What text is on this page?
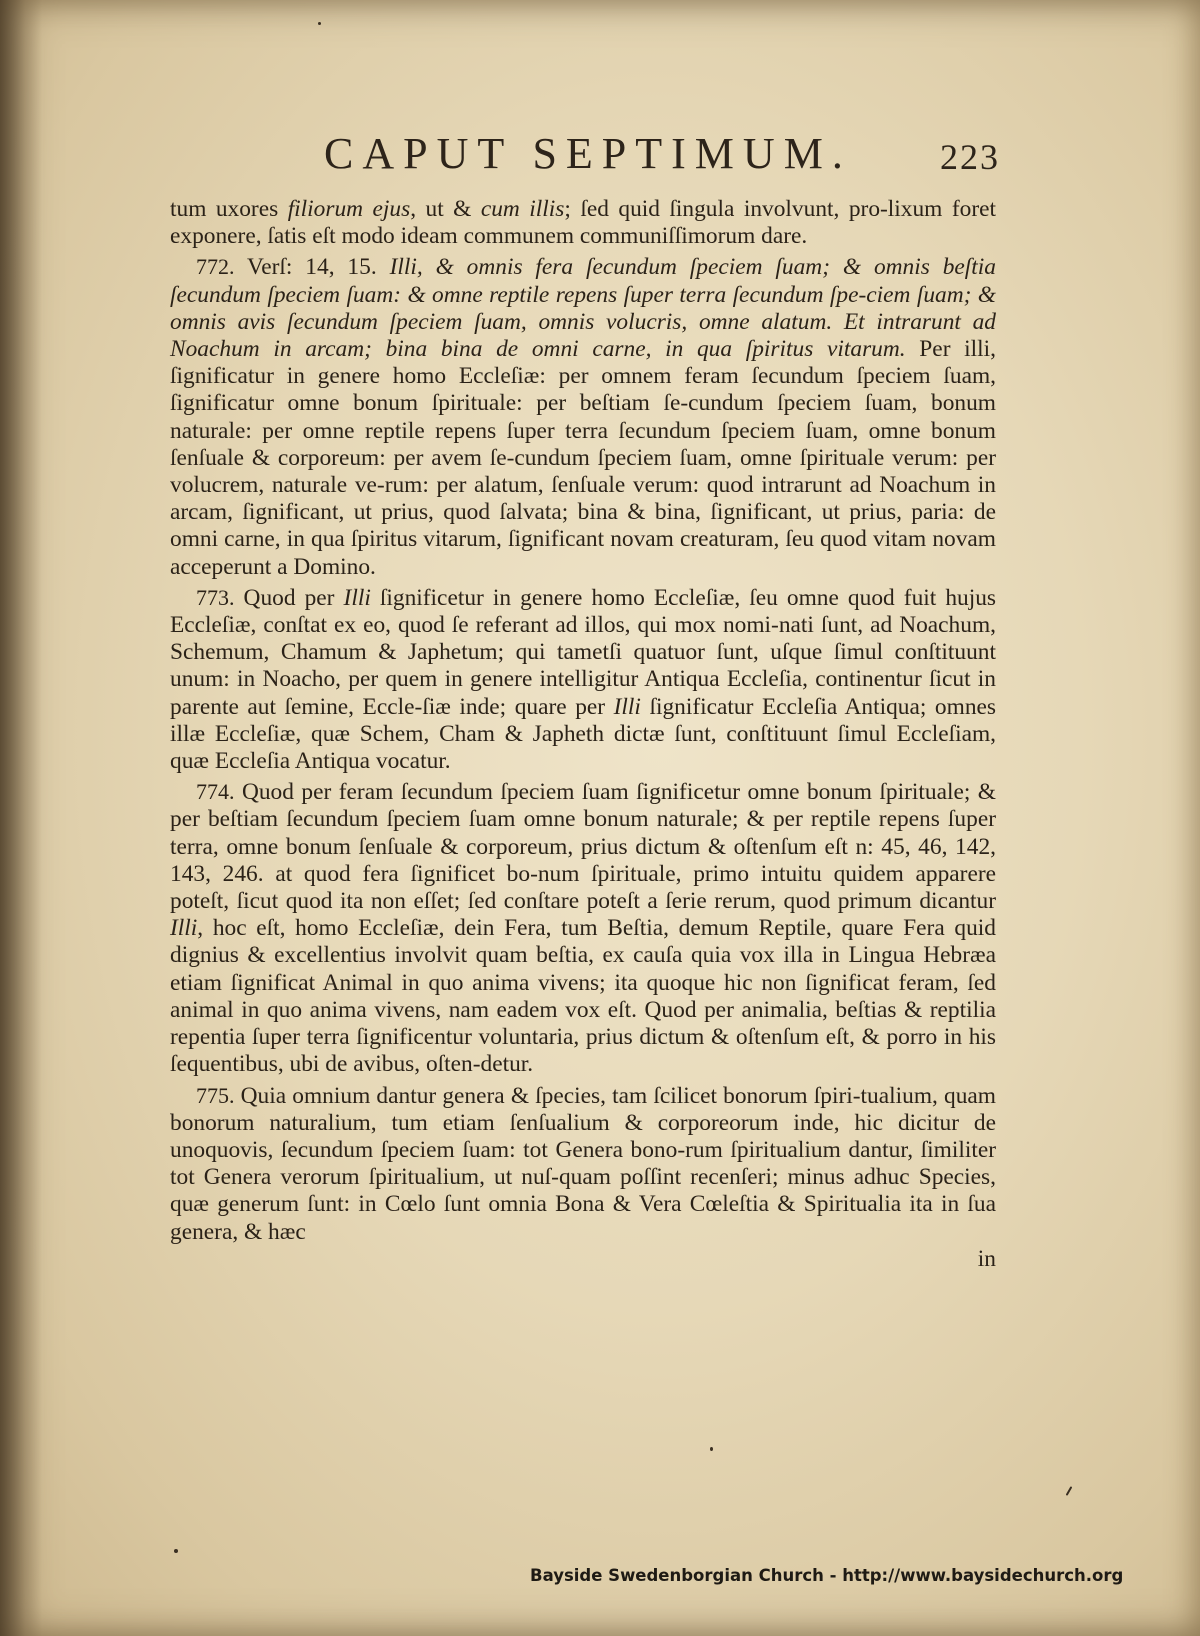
CAPUT SEPTIMUM. 223

tum uxores filiorum ejus, ut & cum illis; ſed quid ſingula involvunt, pro-lixum foret exponere, ſatis eſt modo ideam communem communiſſimorum dare.

772. Verſ: 14, 15. Illi, & omnis fera ſecundum ſpeciem ſuam; & omnis beſtia ſecundum ſpeciem ſuam: & omne reptile repens ſuper terra ſecundum ſpe-ciem ſuam; & omnis avis ſecundum ſpeciem ſuam, omnis volucris, omne alatum. Et intrarunt ad Noachum in arcam; bina bina de omni carne, in qua ſpiritus vitarum. Per illi, ſignificatur in genere homo Eccleſiæ: per omnem feram ſecundum ſpeciem ſuam, ſignificatur omne bonum ſpirituale: per beſtiam ſe-cundum ſpeciem ſuam, bonum naturale: per omne reptile repens ſuper terra ſecundum ſpeciem ſuam, omne bonum ſenſuale & corporeum: per avem ſe-cundum ſpeciem ſuam, omne ſpirituale verum: per volucrem, naturale ve-rum: per alatum, ſenſuale verum: quod intrarunt ad Noachum in arcam, ſignificant, ut prius, quod ſalvata; bina & bina, ſignificant, ut prius, paria: de omni carne, in qua ſpiritus vitarum, ſignificant novam creaturam, ſeu quod vitam novam acceperunt a Domino.

773. Quod per Illi ſignificetur in genere homo Eccleſiæ, ſeu omne quod fuit hujus Eccleſiæ, conſtat ex eo, quod ſe referant ad illos, qui mox nomi-nati ſunt, ad Noachum, Schemum, Chamum & Japhetum; qui tametſi quatuor ſunt, uſque ſimul conſtituunt unum: in Noacho, per quem in genere intelligitur Antiqua Eccleſia, continentur ſicut in parente aut ſemine, Eccle-ſiæ inde; quare per Illi ſignificatur Eccleſia Antiqua; omnes illæ Eccleſiæ, quæ Schem, Cham & Japheth dictæ ſunt, conſtituunt ſimul Eccleſiam, quæ Eccleſia Antiqua vocatur.

774. Quod per feram ſecundum ſpeciem ſuam ſignificetur omne bonum ſpirituale; & per beſtiam ſecundum ſpeciem ſuam omne bonum naturale; & per reptile repens ſuper terra, omne bonum ſenſuale & corporeum, prius dictum & oſtenſum eſt n: 45, 46, 142, 143, 246. at quod fera ſignificet bo-num ſpirituale, primo intuitu quidem apparere poteſt, ſicut quod ita non eſſet; ſed conſtare poteſt a ſerie rerum, quod primum dicantur Illi, hoc eſt, homo Eccleſiæ, dein Fera, tum Beſtia, demum Reptile, quare Fera quid dignius & excellentius involvit quam beſtia, ex cauſa quia vox illa in Lingua Hebræa etiam ſignificat Animal in quo anima vivens; ita quoque hic non ſignificat feram, ſed animal in quo anima vivens, nam eadem vox eſt. Quod per animalia, beſtias & reptilia repentia ſuper terra ſignificentur voluntaria, prius dictum & oſtenſum eſt, & porro in his ſequentibus, ubi de avibus, oſten-detur.

775. Quia omnium dantur genera & ſpecies, tam ſcilicet bonorum ſpiri-tualium, quam bonorum naturalium, tum etiam ſenſualium & corporeorum inde, hic dicitur de unoquovis, ſecundum ſpeciem ſuam: tot Genera bono-rum ſpiritualium dantur, ſimiliter tot Genera verorum ſpiritualium, ut nuſ-quam poſſint recenſeri; minus adhuc Species, quæ generum ſunt: in Cœlo ſunt omnia Bona & Vera Cœleſtia & Spiritualia ita in ſua genera, & hæc

in
Bayside Swedenborgian Church - http://www.baysidechurch.org
